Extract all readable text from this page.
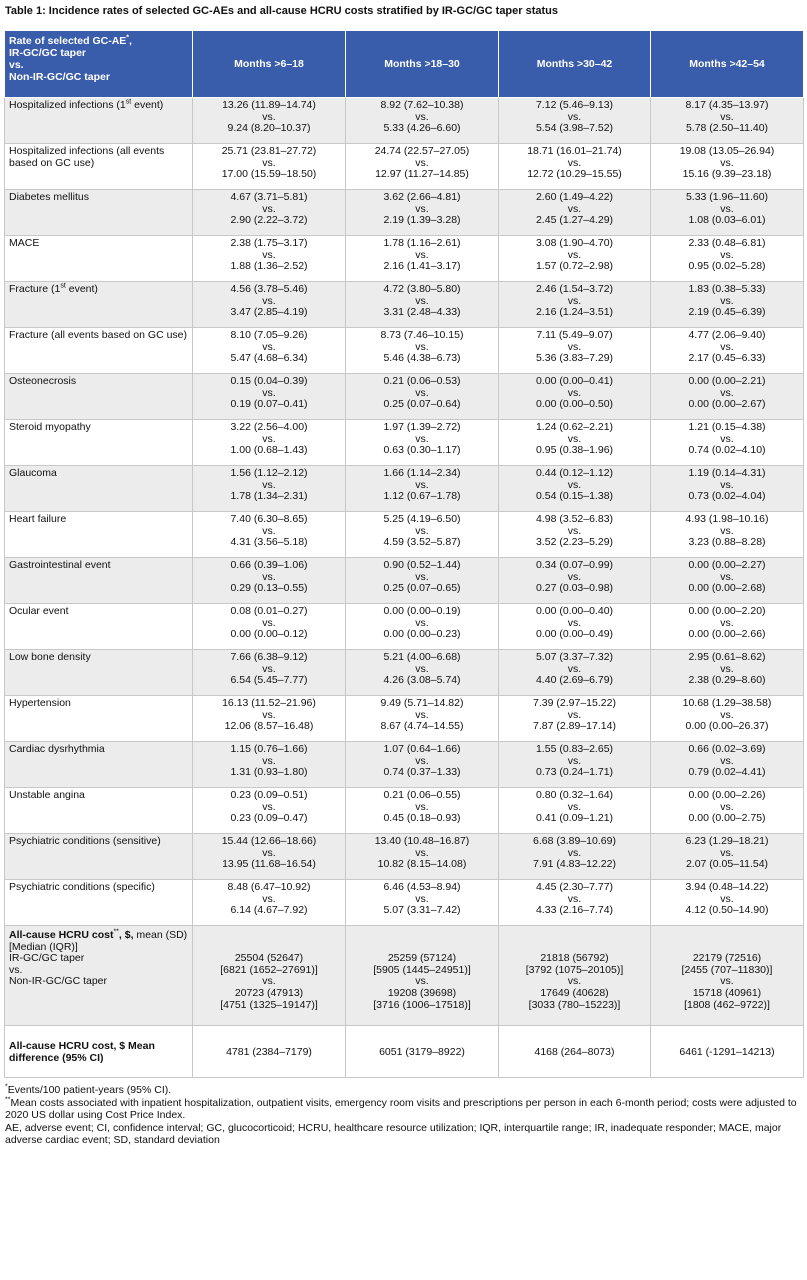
Table 1: Incidence rates of selected GC-AEs and all-cause HCRU costs stratified by IR-GC/GC taper status
Rate of selected GC-AE*,
IR-GC/GC taper
vs.
Non-IR-GC/GC taper	Months >6–18	Months >18–30	Months >30–42	Months >42–54
Hospitalized infections (1st event)	13.26 (11.89–14.74)
vs.
9.24 (8.20–10.37)	8.92 (7.62–10.38)
vs.
5.33 (4.26–6.60)	7.12 (5.46–9.13)
vs.
5.54 (3.98–7.52)	8.17 (4.35–13.97)
vs.
5.78 (2.50–11.40)

Hospitalized infections (all events based on GC use)	25.71 (23.81–27.72)
vs.
17.00 (15.59–18.50)	24.74 (22.57–27.05)
vs.
12.97 (11.27–14.85)	18.71 (16.01–21.74)
vs.
12.72 (10.29–15.55)	19.08 (13.05–26.94)
vs.
15.16 (9.39–23.18)

Diabetes mellitus	4.67 (3.71–5.81)
vs.
2.90 (2.22–3.72)	3.62 (2.66–4.81)
vs.
2.19 (1.39–3.28)	2.60 (1.49–4.22)
vs.
2.45 (1.27–4.29)	5.33 (1.96–11.60)
vs.
1.08 (0.03–6.01)

MACE	2.38 (1.75–3.17)
vs.
1.88 (1.36–2.52)	1.78 (1.16–2.61)
vs.
2.16 (1.41–3.17)	3.08 (1.90–4.70)
vs.
1.57 (0.72–2.98)	2.33 (0.48–6.81)
vs.
0.95 (0.02–5.28)

Fracture (1st event)	4.56 (3.78–5.46)
vs.
3.47 (2.85–4.19)	4.72 (3.80–5.80)
vs.
3.31 (2.48–4.33)	2.46 (1.54–3.72)
vs.
2.16 (1.24–3.51)	1.83 (0.38–5.33)
vs.
2.19 (0.45–6.39)

Fracture (all events based on GC use)	8.10 (7.05–9.26)
vs.
5.47 (4.68–6.34)	8.73 (7.46–10.15)
vs.
5.46 (4.38–6.73)	7.11 (5.49–9.07)
vs.
5.36 (3.83–7.29)	4.77 (2.06–9.40)
vs.
2.17 (0.45–6.33)

Osteonecrosis	0.15 (0.04–0.39)
vs.
0.19 (0.07–0.41)	0.21 (0.06–0.53)
vs.
0.25 (0.07–0.64)	0.00 (0.00–0.41)
vs.
0.00 (0.00–0.50)	0.00 (0.00–2.21)
vs.
0.00 (0.00–2.67)

Steroid myopathy	3.22 (2.56–4.00)
vs.
1.00 (0.68–1.43)	1.97 (1.39–2.72)
vs.
0.63 (0.30–1.17)	1.24 (0.62–2.21)
vs.
0.95 (0.38–1.96)	1.21 (0.15–4.38)
vs.
0.74 (0.02–4.10)

Glaucoma	1.56 (1.12–2.12)
vs.
1.78 (1.34–2.31)	1.66 (1.14–2.34)
vs.
1.12 (0.67–1.78)	0.44 (0.12–1.12)
vs.
0.54 (0.15–1.38)	1.19 (0.14–4.31)
vs.
0.73 (0.02–4.04)

Heart failure	7.40 (6.30–8.65)
vs.
4.31 (3.56–5.18)	5.25 (4.19–6.50)
vs.
4.59 (3.52–5.87)	4.98 (3.52–6.83)
vs.
3.52 (2.23–5.29)	4.93 (1.98–10.16)
vs.
3.23 (0.88–8.28)

Gastrointestinal event	0.66 (0.39–1.06)
vs.
0.29 (0.13–0.55)	0.90 (0.52–1.44)
vs.
0.25 (0.07–0.65)	0.34 (0.07–0.99)
vs.
0.27 (0.03–0.98)	0.00 (0.00–2.27)
vs.
0.00 (0.00–2.68)

Ocular event	0.08 (0.01–0.27)
vs.
0.00 (0.00–0.12)	0.00 (0.00–0.19)
vs.
0.00 (0.00–0.23)	0.00 (0.00–0.40)
vs.
0.00 (0.00–0.49)	0.00 (0.00–2.20)
vs.
0.00 (0.00–2.66)

Low bone density	7.66 (6.38–9.12)
vs.
6.54 (5.45–7.77)	5.21 (4.00–6.68)
vs.
4.26 (3.08–5.74)	5.07 (3.37–7.32)
vs.
4.40 (2.69–6.79)	2.95 (0.61–8.62)
vs.
2.38 (0.29–8.60)

Hypertension	16.13 (11.52–21.96)
vs.
12.06 (8.57–16.48)	9.49 (5.71–14.82)
vs.
8.67 (4.74–14.55)	7.39 (2.97–15.22)
vs.
7.87 (2.89–17.14)	10.68 (1.29–38.58)
vs.
0.00 (0.00–26.37)

Cardiac dysrhythmia	1.15 (0.76–1.66)
vs.
1.31 (0.93–1.80)	1.07 (0.64–1.66)
vs.
0.74 (0.37–1.33)	1.55 (0.83–2.65)
vs.
0.73 (0.24–1.71)	0.66 (0.02–3.69)
vs.
0.79 (0.02–4.41)

Unstable angina	0.23 (0.09–0.51)
vs.
0.23 (0.09–0.47)	0.21 (0.06–0.55)
vs.
0.45 (0.18–0.93)	0.80 (0.32–1.64)
vs.
0.41 (0.09–1.21)	0.00 (0.00–2.26)
vs.
0.00 (0.00–2.75)

Psychiatric conditions (sensitive)	15.44 (12.66–18.66)
vs.
13.95 (11.68–16.54)	13.40 (10.48–16.87)
vs.
10.82 (8.15–14.08)	6.68 (3.89–10.69)
vs.
7.91 (4.83–12.22)	6.23 (1.29–18.21)
vs.
2.07 (0.05–11.54)

Psychiatric conditions (specific)	8.48 (6.47–10.92)
vs.
6.14 (4.67–7.92)	6.46 (4.53–8.94)
vs.
5.07 (3.31–7.42)	4.45 (2.30–7.77)
vs.
4.33 (2.16–7.74)	3.94 (0.48–14.22)
vs.
4.12 (0.50–14.90)

All-cause HCRU cost**, $, mean (SD)
[Median (IQR)]
IR-GC/GC taper
vs.
Non-IR-GC/GC taper	25504 (52647)
[6821 (1652–27691)]
vs.
20723 (47913)
[4751 (1325–19147)]	25259 (57124)
[5905 (1445–24951)]
vs.
19208 (39698)
[3716 (1006–17518)]	21818 (56792)
[3792 (1075–20105)]
vs.
17649 (40628)
[3033 (780–15223)]	22179 (72516)
[2455 (707–11830)]
vs.
15718 (40961)
[1808 (462–9722)]

All-cause HCRU cost, $ Mean
difference (95% CI)	4781 (2384–7179)	6051 (3179–8922)	4168 (264–8073)	6461 (-1291–14213)
*Events/100 patient-years (95% CI).
**Mean costs associated with inpatient hospitalization, outpatient visits, emergency room visits and prescriptions per person in each 6-month period; costs were adjusted to 2020 US dollar using Cost Price Index.
AE, adverse event; CI, confidence interval; GC, glucocorticoid; HCRU, healthcare resource utilization; IQR, interquartile range; IR, inadequate responder; MACE, major adverse cardiac event; SD, standard deviation
